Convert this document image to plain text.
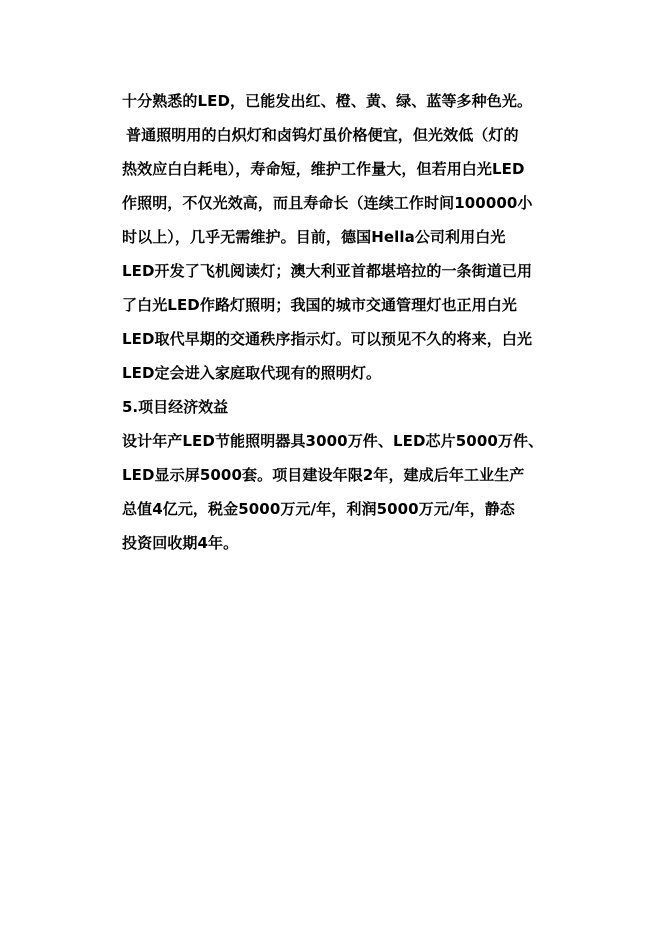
十分熟悉的LED，已能发出红、橙、黄、绿、蓝等多种色光。
普通照明用的白炽灯和卤钨灯虽价格便宜，但光效低（灯的
热效应白白耗电），寿命短，维护工作量大，但若用白光LED
作照明，不仅光效高，而且寿命长（连续工作时间100000小
时以上），几乎无需维护。目前，德国Hella公司利用白光
LED开发了飞机阅读灯；澳大利亚首都堪培拉的一条街道已用
了白光LED作路灯照明；我国的城市交通管理灯也正用白光
LED取代早期的交通秩序指示灯。可以预见不久的将来，白光
LED定会进入家庭取代现有的照明灯。
5.项目经济效益
设计年产LED节能照明器具3000万件、LED芯片5000万件、
LED显示屏5000套。项目建设年限2年，建成后年工业生产
总值4亿元，税金5000万元/年，利润5000万元/年，静态
投资回收期4年。
